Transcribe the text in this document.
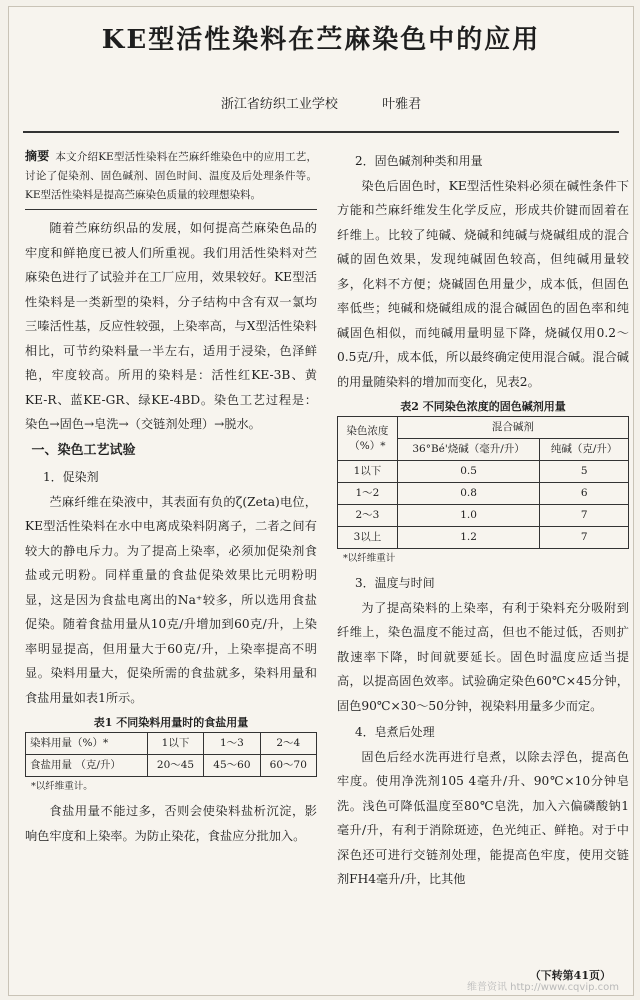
KE型活性染料在苎麻染色中的应用
浙江省纺织工业学校	叶雅君

摘要 本文介绍KE型活性染料在苎麻纤维染色中的应用工艺，讨论了促染剂、固色碱剂、固色时间、温度及后处理条件等。KE型活性染料是提高苎麻染色质量的较理想染料。

随着苎麻纺织品的发展，如何提高苎麻染色品的牢度和鲜艳度已被人们所重视。我们用活性染料对苎麻染色进行了试验并在工厂应用，效果较好。KE型活性染料是一类新型的染料，分子结构中含有双一氯均三嗪活性基，反应性较强，上染率高，与X型活性染料相比，可节约染料量一半左右，适用于浸染，色泽鲜艳，牢度较高。所用的染料是：活性红KE-3B、黄KE-R、蓝KE-GR、绿KE-4BD。染色工艺过程是：染色→固色→皂洗→（交链剂处理）→脱水。

一、染色工艺试验
1．促染剂

苎麻纤维在染液中，其表面有负的ζ(Zeta)电位，KE型活性染料在水中电离成染料阴离子，二者之间有较大的静电斥力。为了提高上染率，必须加促染剂食盐或元明粉。同样重量的食盐促染效果比元明粉明显，这是因为食盐电离出的Na⁺较多，所以选用食盐促染。随着食盐用量从10克/升增加到60克/升，上染率明显提高，但用量大于60克/升，上染率提高不明显。染料用量大，促染所需的食盐就多，染料用量和食盐用量如表1所示。

表1 不同染料用量时的食盐用量
染料用量（%）*	1以下	1～3	2～4
食盐用量 （克/升）	20～45	45～60	60～70

*以纤维重计。

食盐用量不能过多，否则会使染料盐析沉淀，影响色牢度和上染率。为防止染花，食盐应分批加入。

2．固色碱剂种类和用量

染色后固色时，KE型活性染料必须在碱性条件下方能和苎麻纤维发生化学反应，形成共价键而固着在纤维上。比较了纯碱、烧碱和纯碱与烧碱组成的混合碱的固色效果，发现纯碱固色较高，但纯碱用量较多，化料不方便；烧碱固色用量少，成本低，但固色率低些；纯碱和烧碱组成的混合碱固色的固色率和纯碱固色相似，而纯碱用量明显下降，烧碱仅用0.2～0.5克/升，成本低，所以最终确定使用混合碱。混合碱的用量随染料的增加而变化，见表2。

表2 不同染色浓度的固色碱剂用量
染色浓度
（%）*	混合碱剂	
	36°Bé'烧碱（毫升/升）	纯碱（克/升）
1以下	0.5	5
1～2	0.8	6
2～3	1.0	7
3以上	1.2	7

*以纤维重计

3．温度与时间

为了提高染料的上染率，有利于染料充分吸附到纤维上，染色温度不能过高，但也不能过低，否则扩散速率下降，时间就要延长。固色时温度应适当提高，以提高固色效率。试验确定染色60℃×45分钟，固色90℃×30～50分钟，视染料用量多少而定。

4．皂煮后处理

固色后经水洗再进行皂煮，以除去浮色，提高色牢度。使用净洗剂105 4毫升/升、90℃×10分钟皂洗。浅色可降低温度至80℃皂洗，加入六偏磷酸钠1毫升/升，有利于消除斑迹，色光纯正、鲜艳。对于中深色还可进行交链剂处理，能提高色牢度，使用交链剂FH4毫升/升，比其他

（下转第41页）
维普资讯 http://www.cqvip.com
